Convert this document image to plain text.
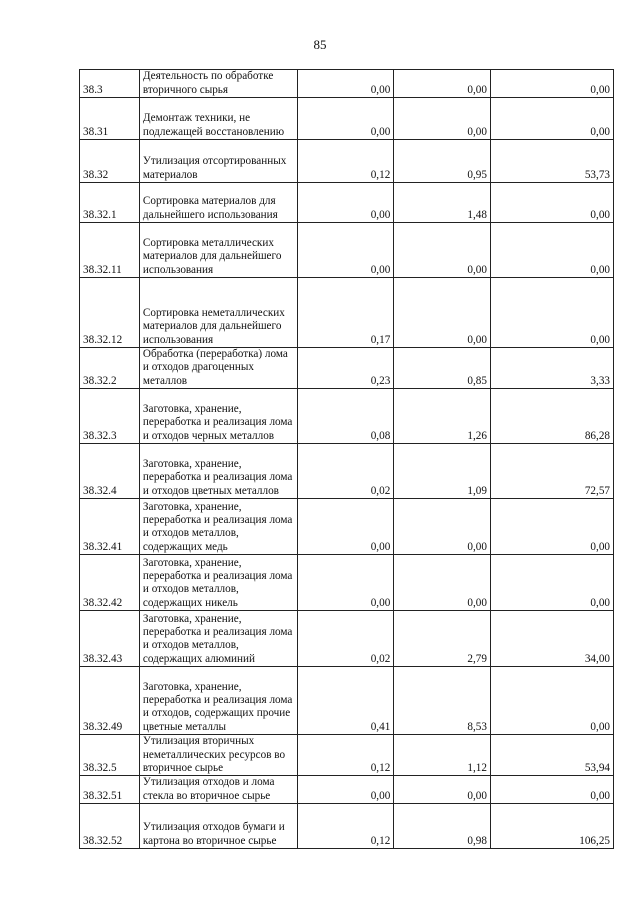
85
38.3	Деятельность по обработке вторичного сырья	0,00	0,00	0,00
38.31	Демонтаж техники, не подлежащей восстановлению	0,00	0,00	0,00
38.32	Утилизация отсортированных материалов	0,12	0,95	53,73
38.32.1	Сортировка материалов для дальнейшего использования	0,00	1,48	0,00
38.32.11	Сортировка металлических материалов для дальнейшего использования	0,00	0,00	0,00
38.32.12	Сортировка неметаллических материалов для дальнейшего использования	0,17	0,00	0,00
38.32.2	Обработка (переработка) лома и отходов драгоценных металлов	0,23	0,85	3,33
38.32.3	Заготовка, хранение, переработка и реализация лома и отходов черных металлов	0,08	1,26	86,28
38.32.4	Заготовка, хранение, переработка и реализация лома и отходов цветных металлов	0,02	1,09	72,57
38.32.41	Заготовка, хранение, переработка и реализация лома и отходов металлов, содержащих медь	0,00	0,00	0,00
38.32.42	Заготовка, хранение, переработка и реализация лома и отходов металлов, содержащих никель	0,00	0,00	0,00
38.32.43	Заготовка, хранение, переработка и реализация лома и отходов металлов, содержащих алюминий	0,02	2,79	34,00
38.32.49	Заготовка, хранение, переработка и реализация лома и отходов, содержащих прочие цветные металлы	0,41	8,53	0,00
38.32.5	Утилизация вторичных неметаллических ресурсов во вторичное сырье	0,12	1,12	53,94
38.32.51	Утилизация отходов и лома стекла во вторичное сырье	0,00	0,00	0,00
38.32.52	Утилизация отходов бумаги и картона во вторичное сырье	0,12	0,98	106,25
